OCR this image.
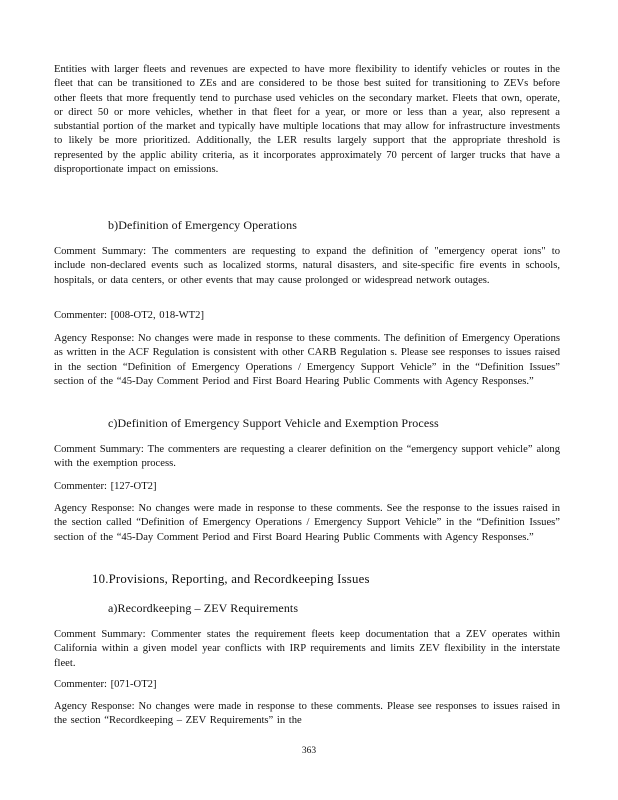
Entities with larger fleets and revenues are expected to have more flexibility to identify vehicles or routes in the fleet that can be transitioned to ZEs and are considered to be those best suited for transitioning to ZEVs before other fleets that more frequently tend to purchase used vehicles on the secondary market. Fleets that own, operate, or direct 50 or more vehicles, whether in that fleet for a year, or more or less than a year, also represent a substantial portion of the market and typically have multiple locations that may allow for infrastructure investments to likely be more prioritized. Additionally, the LER results largely support that the appropriate threshold is represented by the applic ability criteria, as it incorporates approximately 70 percent of larger trucks that have a disproportionate impact on emissions.

b)Definition of Emergency Operations

Comment Summary: The commenters are requesting to expand the definition of "emergency operat ions" to include non-declared events such as localized storms, natural disasters, and site-specific fire events in schools, hospitals, or data centers, or other events that may cause prolonged or widespread network outages.

Commenter: [008-OT2, 018-WT2]

Agency Response: No changes were made in response to these comments. The definition of Emergency Operations as written in the ACF Regulation is consistent with other CARB Regulation s. Please see responses to issues raised in the section “Definition of Emergency Operations / Emergency Support Vehicle” in the “Definition Issues” section of the “45-Day Comment Period and First Board Hearing Public Comments with Agency Responses.”

c)Definition of Emergency Support Vehicle and Exemption Process

Comment Summary: The commenters are requesting a clearer definition on the “emergency support vehicle” along with the exemption process.

Commenter: [127-OT2]

Agency Response: No changes were made in response to these comments. See the response to the issues raised in the section called “Definition of Emergency Operations / Emergency Support Vehicle” in the “Definition Issues” section of the “45-Day Comment Period and First Board Hearing Public Comments with Agency Responses.”

10.Provisions, Reporting, and Recordkeeping Issues

a)Recordkeeping – ZEV Requirements

Comment Summary: Commenter states the requirement fleets keep documentation that a ZEV operates within California within a given model year conflicts with IRP requirements and limits ZEV flexibility in the interstate fleet.

Commenter: [071-OT2]

Agency Response: No changes were made in response to these comments. Please see responses to issues raised in the section “Recordkeeping – ZEV Requirements” in the

363
